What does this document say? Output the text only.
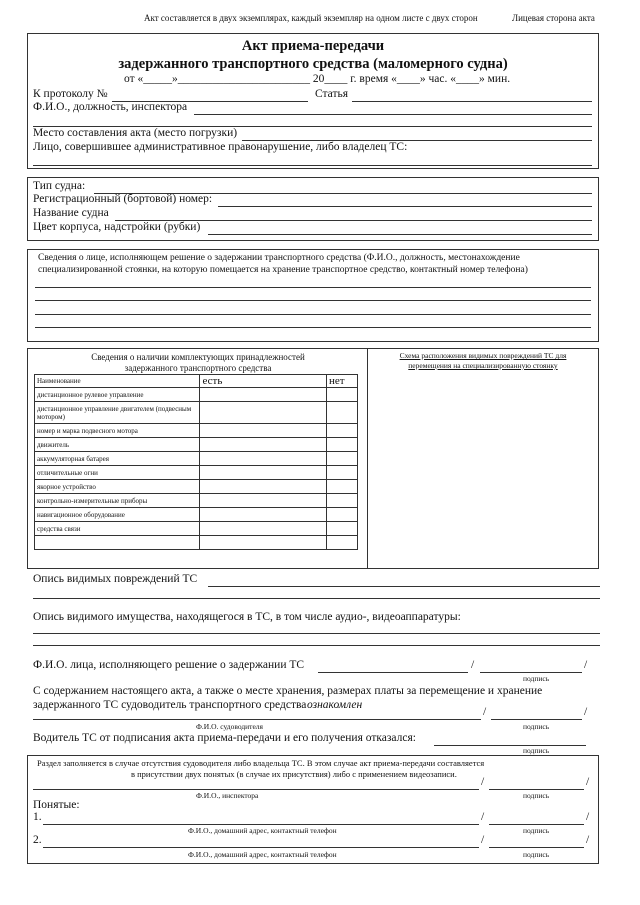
Акт составляется в двух экземплярах, каждый экземпляр на одном листе с двух сторон	Лицевая сторона акта
Акт приема-передачи
задержанного транспортного средства (маломерного судна)
от «_____»_______________________ 20____ г. время «____» час. «____» мин.
К протоколу №	Статья
Ф.И.О., должность, инспектора
Место составления акта (место погрузки)
Лицо, совершившее административное правонарушение, либо владелец ТС:
Тип судна:
Регистрационный (бортовой) номер:
Название судна
Цвет корпуса, надстройки (рубки)
Сведения о лице, исполняющем решение о задержании транспортного средства (Ф.И.О., должность, местонахождение
специализированной стоянки, на которую помещается на хранение транспортное средство, контактный номер телефона)
Сведения о наличии комплектующих принадлежностей
задержанного транспортного средства
Схема расположения видимых повреждений ТС для
перемещения на специализированную стоянку
Наименование	есть	нет
дистанционное рулевое управление		
дистанционное управление двигателем (подвесным мотором)		
номер и марка подвесного мотора		
движитель		
аккумуляторная батарея		
отличительные огни		
якорное устройство		
контрольно-измерительные приборы		
навигационное оборудование		
средства связи		

Опись видимых повреждений ТС
Опись видимого имущества, находящегося в ТС, в том числе аудио-, видеоаппаратуры:
Ф.И.О. лица, исполняющего решение о задержании ТС	/	/
подпись
С содержанием настоящего акта, а также о месте хранения, размерах платы за перемещение и хранение
задержанного ТС судоводитель транспортного средства ознакомлен
/	/
Ф.И.О. судоводителя	подпись
Водитель ТС от подписания акта приема-передачи и его получения отказался:
подпись
Раздел заполняется в случае отсутствия судоводителя либо владельца ТС. В этом случае акт приема-передачи составляется
в присутствии двух понятых (в случае их присутствия) либо с применением видеозаписи.
/	/
Ф.И.О., инспектора	подпись
Понятые:
1.	/	/
Ф.И.О., домашний адрес, контактный телефон	подпись
2.	/	/
Ф.И.О., домашний адрес, контактный телефон	подпись
